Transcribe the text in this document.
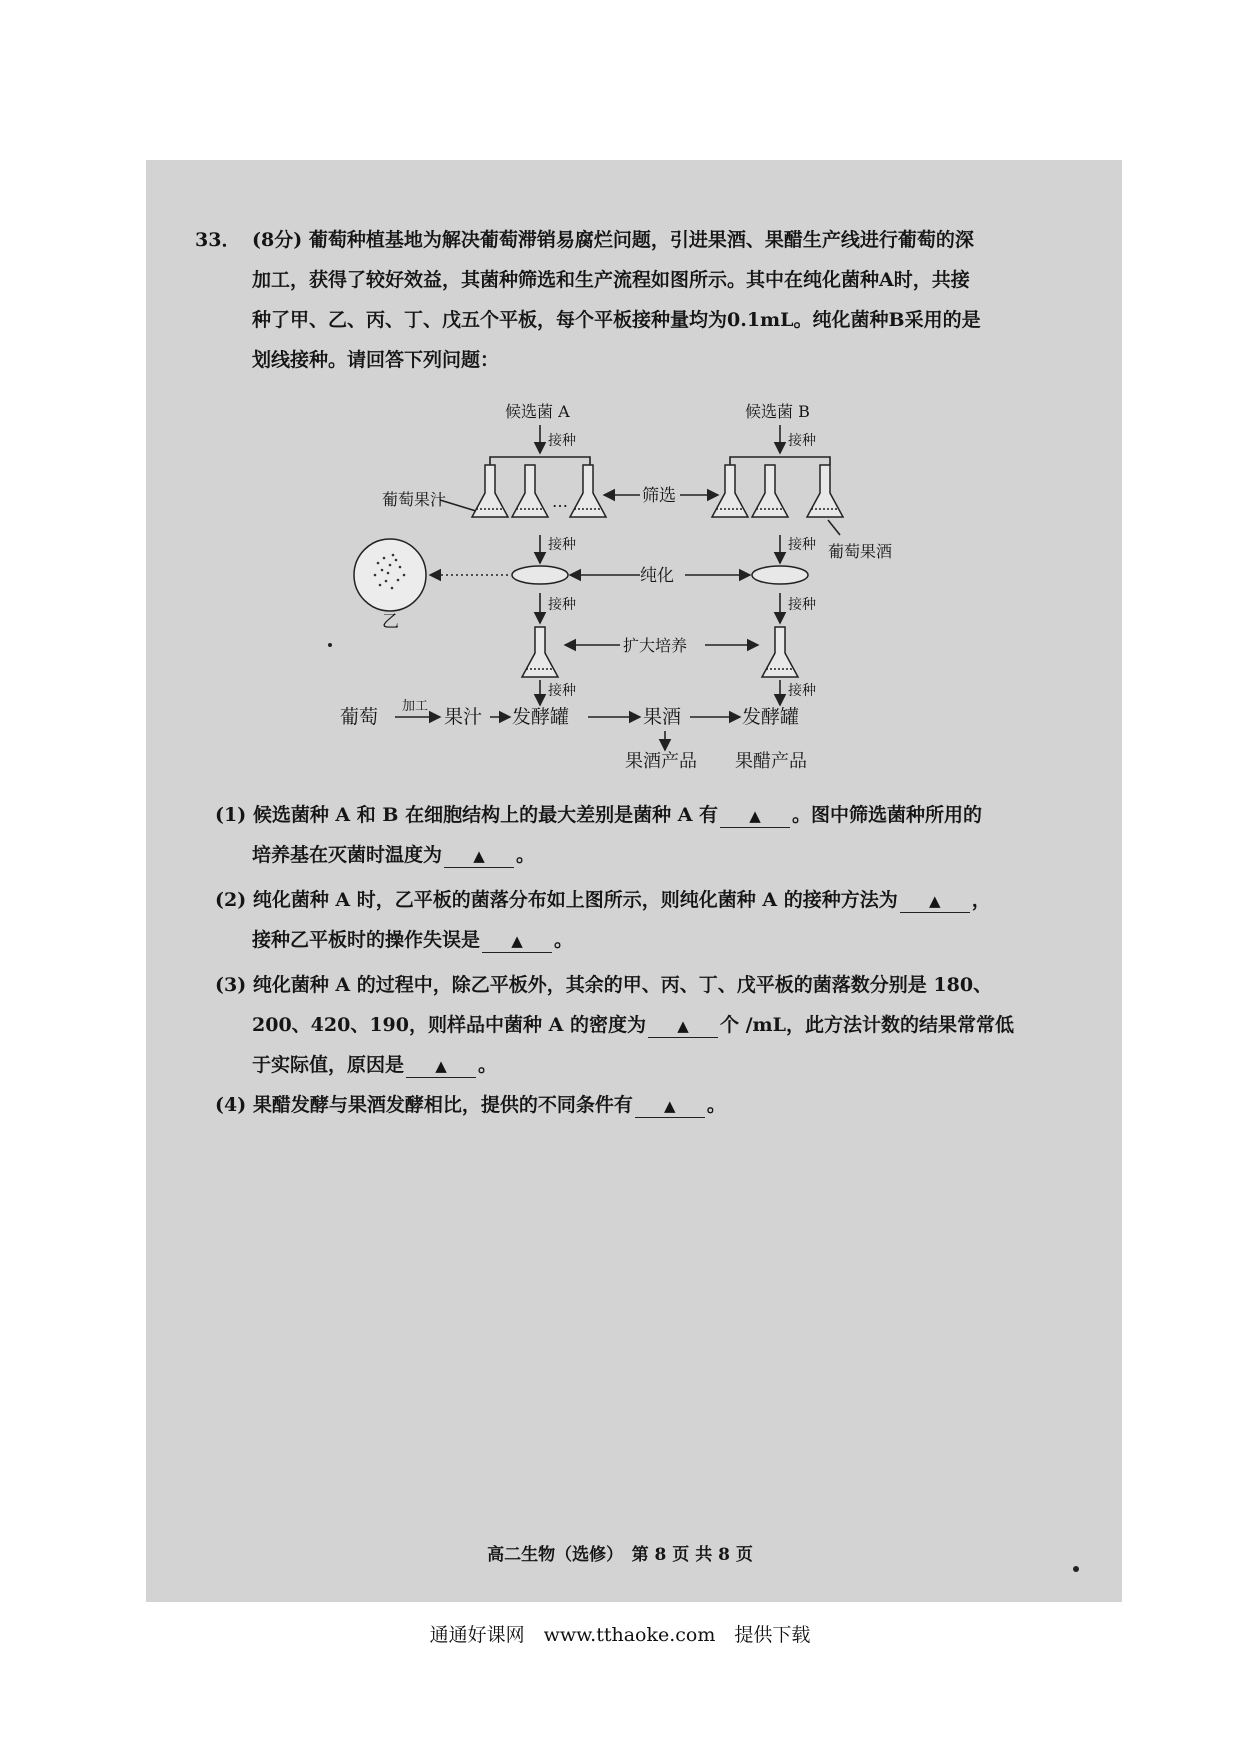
33． (8分) 葡萄种植基地为解决葡萄滞销易腐烂问题，引进果酒、果醋生产线进行葡萄的深
加工，获得了较好效益，其菌种筛选和生产流程如图所示。其中在纯化菌种A时，共接
种了甲、乙、丙、丁、戊五个平板，每个平板接种量均为0.1mL。纯化菌种B采用的是
划线接种。请回答下列问题：
候选菌 A	候选菌 B
接种	接种
葡萄果汁	…	筛选
葡萄果酒
接种	接种
纯化
乙
接种	接种
扩大培养
接种	接种
葡萄 加工 果汁 发酵罐	果酒	发酵罐
果酒产品 果醋产品
(1) 候选菌种 A 和 B 在细胞结构上的最大差别是菌种 A 有 ▲ 。图中筛选菌种所用的
培养基在灭菌时温度为 ▲ 。
(2) 纯化菌种 A 时，乙平板的菌落分布如上图所示，则纯化菌种 A 的接种方法为 ▲ ，
接种乙平板时的操作失误是 ▲ 。
(3) 纯化菌种 A 的过程中，除乙平板外，其余的甲、丙、丁、戊平板的菌落数分别是 180、
200、420、190，则样品中菌种 A 的密度为 ▲ 个 /mL，此方法计数的结果常常低
于实际值，原因是 ▲ 。
(4) 果醋发酵与果酒发酵相比，提供的不同条件有 ▲ 。
高二生物（选修）　第 8 页 共 8 页
通通好课网　www.tthaoke.com　提供下载
